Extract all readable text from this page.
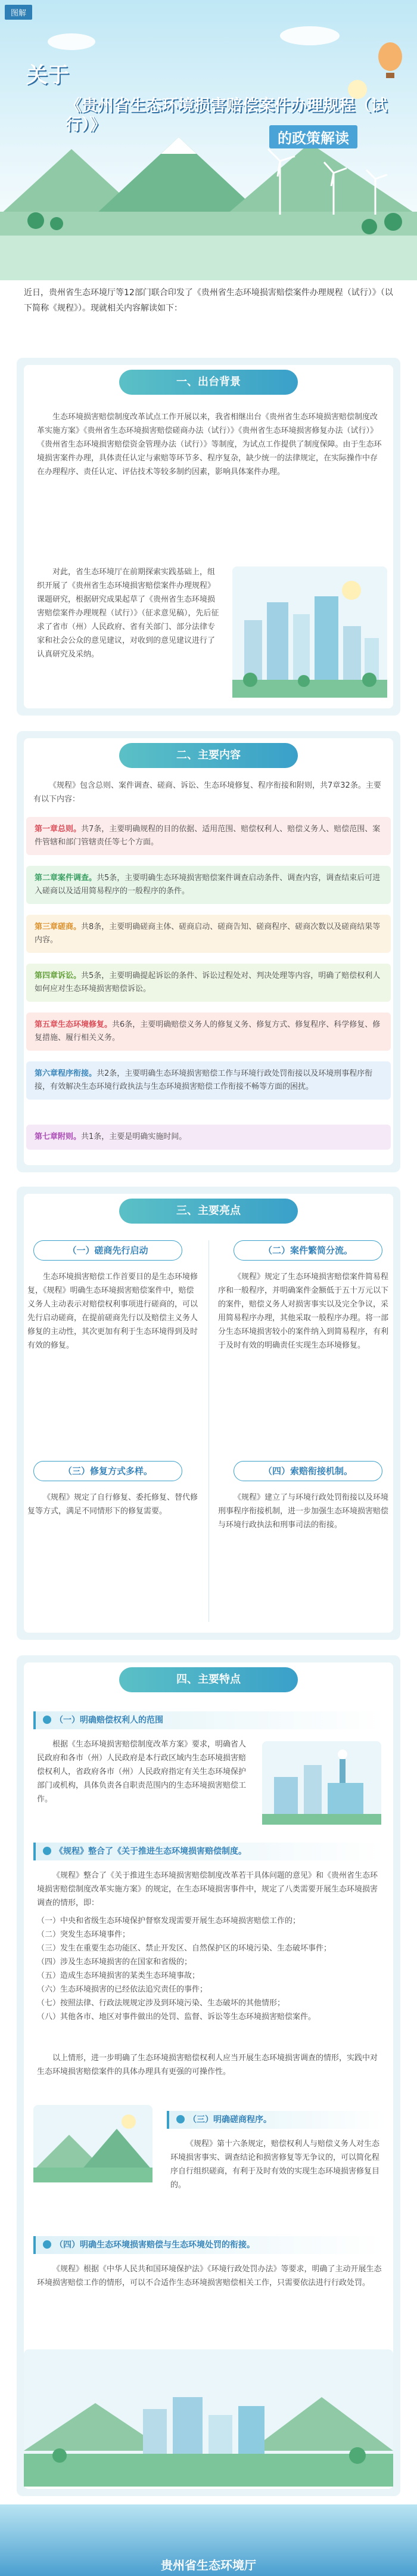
图解
关于
《贵州省生态环境损害赔偿案件办理规程（试行）》
的政策解读
近日，贵州省生态环境厅等12部门联合印发了《贵州省生态环境损害赔偿案件办理规程（试行）》（以下简称《规程》）。现就相关内容解读如下：
一、出台背景
生态环境损害赔偿制度改革试点工作开展以来，我省相继出台《贵州省生态环境损害赔偿制度改革实施方案》《贵州省生态环境损害赔偿磋商办法（试行）》《贵州省生态环境损害修复办法（试行）》《贵州省生态环境损害赔偿资金管理办法（试行）》等制度，为试点工作提供了制度保障。由于生态环境损害案件办理，具体责任认定与索赔等环节多、程序复杂，缺少统一的法律规定，在实际操作中存在办理程序、责任认定、评估技术等较多制约因素，影响具体案件办理。
对此，省生态环境厅在前期探索实践基础上，组织开展了《贵州省生态环境损害赔偿案件办理规程》课题研究，根据研究成果起草了《贵州省生态环境损害赔偿案件办理规程（试行）》（征求意见稿），先后征求了省市（州）人民政府、省有关部门、部分法律专家和社会公众的意见建议，对收到的意见建议进行了认真研究及采纳。
二、主要内容
《规程》包含总则、案件调查、磋商、诉讼、生态环境修复、程序衔接和附则，共7章32条。主要有以下内容：
第一章总则。共7条，主要明确规程的目的依据、适用范围、赔偿权利人、赔偿义务人、赔偿范围、案件管辖和部门管辖责任等七个方面。
第二章案件调查。共5条，主要明确生态环境损害赔偿案件调查启动条件、调查内容，调查结束后可进入磋商以及适用简易程序的一般程序的条件。
第三章磋商。共8条，主要明确磋商主体、磋商启动、磋商告知、磋商程序、磋商次数以及磋商结果等内容。
第四章诉讼。共5条，主要明确提起诉讼的条件、诉讼过程处对、判决处理等内容，明确了赔偿权利人如何应对生态环境损害赔偿诉讼。
第五章生态环境修复。共6条，主要明确赔偿义务人的修复义务、修复方式、修复程序、科学修复、修复措施、履行相关义务。
第六章程序衔接。共2条，主要明确生态环境损害赔偿工作与环境行政处罚衔接以及环境刑事程序衔接，有效解决生态环境行政执法与生态环境损害赔偿工作衔接不畅等方面的困扰。
第七章附则。共1条，主要是明确实施时间。
三、主要亮点
（一）磋商先行启动
生态环境损害赔偿工作首要目的是生态环境修复，《规程》明确生态环境损害赔偿案件中，赔偿义务人主动表示对赔偿权利事项进行磋商的，可以先行启动磋商，在提前磋商先行以及赔偿主义务人修复的主动性，其次更加有利于生态环境得到及时有效的修复。
（二）案件繁简分流。
《规程》规定了生态环境损害赔偿案件简易程序和一般程序，并明确案件金额低于五十万元以下的案件，赔偿义务人对损害事实以及完全争议，采用简易程序办理，其他采取一般程序办理。将一部分生态环境损害较小的案件纳入到简易程序，有利于及时有效的明确责任实现生态环境修复。
（三）修复方式多样。
《规程》规定了自行修复、委托修复、替代修复等方式，满足不同情形下的修复需要。
（四）索赔衔接机制。
《规程》建立了与环境行政处罚衔接以及环境刑事程序衔接机制，进一步加强生态环境损害赔偿与环境行政执法和刑事司法的衔接。
四、主要特点
（一）明确赔偿权利人的范围
根据《生态环境损害赔偿制度改革方案》要求，明确省人民政府和各市（州）人民政府是本行政区域内生态环境损害赔偿权利人，省政府各市（州）人民政府指定有关生态环境保护部门或机构，具体负责各自职责范围内的生态环境损害赔偿工作。
《规程》整合了《关于推进生态环境损害赔偿制度。
《规程》整合了《关于推进生态环境损害赔偿制度改革若干具体问题的意见》和《贵州省生态环境损害赔偿制度改革实施方案》的规定，在生态环境损害事件中，规定了八类需要开展生态环境损害调查的情形，即：
（一）中央和省级生态环境保护督察发现需要开展生态环境损害赔偿工作的；
（二）突发生态环境事件；
（三）发生在重要生态功能区、禁止开发区、自然保护区的环境污染、生态破坏事件；
（四）涉及生态环境损害的在国家和省级的；
（五）造成生态环境损害的某类生态环境事故；
（六）生态环境损害的已经依法追究责任的事件；
（七）按照法律、行政法规规定涉及到环境污染、生态破坏的其他情形；
（八）其他各市、地区对事件做出的处罚、监督、诉讼等生态环境损害赔偿案件。
以上情形，进一步明确了生态环境损害赔偿权利人应当开展生态环境损害调查的情形，实践中对生态环境损害赔偿案件的具体办理具有更强的可操作性。
（三）明确磋商程序。
《规程》第十六条规定，赔偿权利人与赔偿义务人对生态环境损害事实、调查结论和损害修复等无争议的，可以简化程序自行组织磋商，有利于及时有效的实现生态环境损害修复目的。
（四）明确生态环境损害赔偿与生态环境处罚的衔接。
《规程》根据《中华人民共和国环境保护法》《环境行政处罚办法》等要求，明确了主动开展生态环境损害赔偿工作的情形，可以不合适作生态环境损害赔偿相关工作，只需要依法进行行政处罚。
贵州省生态环境厅
